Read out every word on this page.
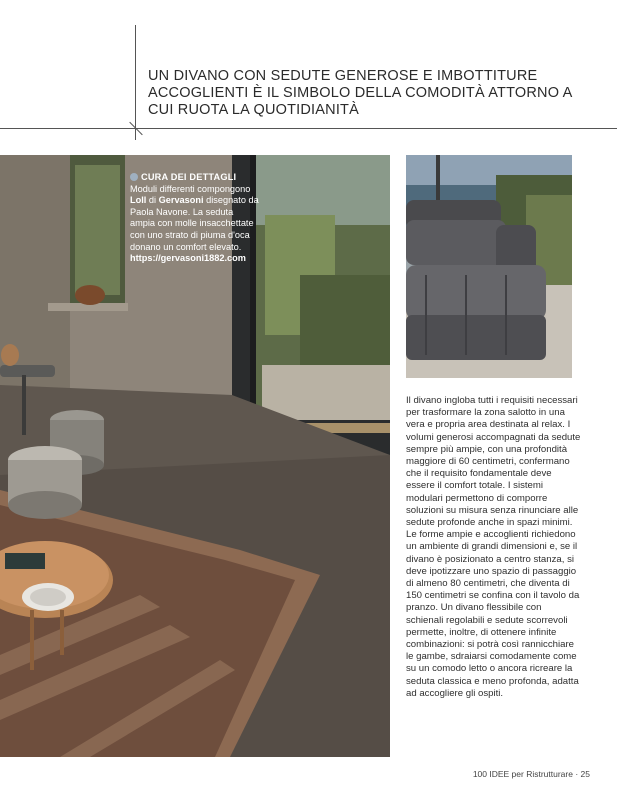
UN DIVANO CON SEDUTE GENEROSE E IMBOTTITURE ACCOGLIENTI È IL SIMBOLO DELLA COMODITÀ ATTORNO A CUI RUOTA LA QUOTIDIANITÀ
CURA DEI DETTAGLI
Moduli differenti compongono Loll di Gervasoni disegnato da Paola Navone. La seduta ampia con molle insacchettate con uno strato di piuma d'oca donano un comfort elevato.
https://gervasoni1882.com
Il divano ingloba tutti i requisiti necessari per trasformare la zona salotto in una vera e propria area destinata al relax. I volumi generosi accompagnati da sedute sempre più ampie, con una profondità maggiore di 60 centimetri, confermano che il requisito fondamentale deve essere il comfort totale. I sistemi modulari permettono di comporre soluzioni su misura senza rinunciare alle sedute profonde anche in spazi minimi. Le forme ampie e accoglienti richiedono un ambiente di grandi dimensioni e, se il divano è posizionato a centro stanza, si deve ipotizzare uno spazio di passaggio di almeno 80 centimetri, che diventa di 150 centimetri se confina con il tavolo da pranzo. Un divano flessibile con schienali regolabili e sedute scorrevoli permette, inoltre, di ottenere infinite combinazioni: si potrà così rannicchiare le gambe, sdraiarsi comodamente come su un comodo letto o ancora ricreare la seduta classica e meno profonda, adatta ad accogliere gli ospiti.
100 IDEE per Ristrutturare · 25
